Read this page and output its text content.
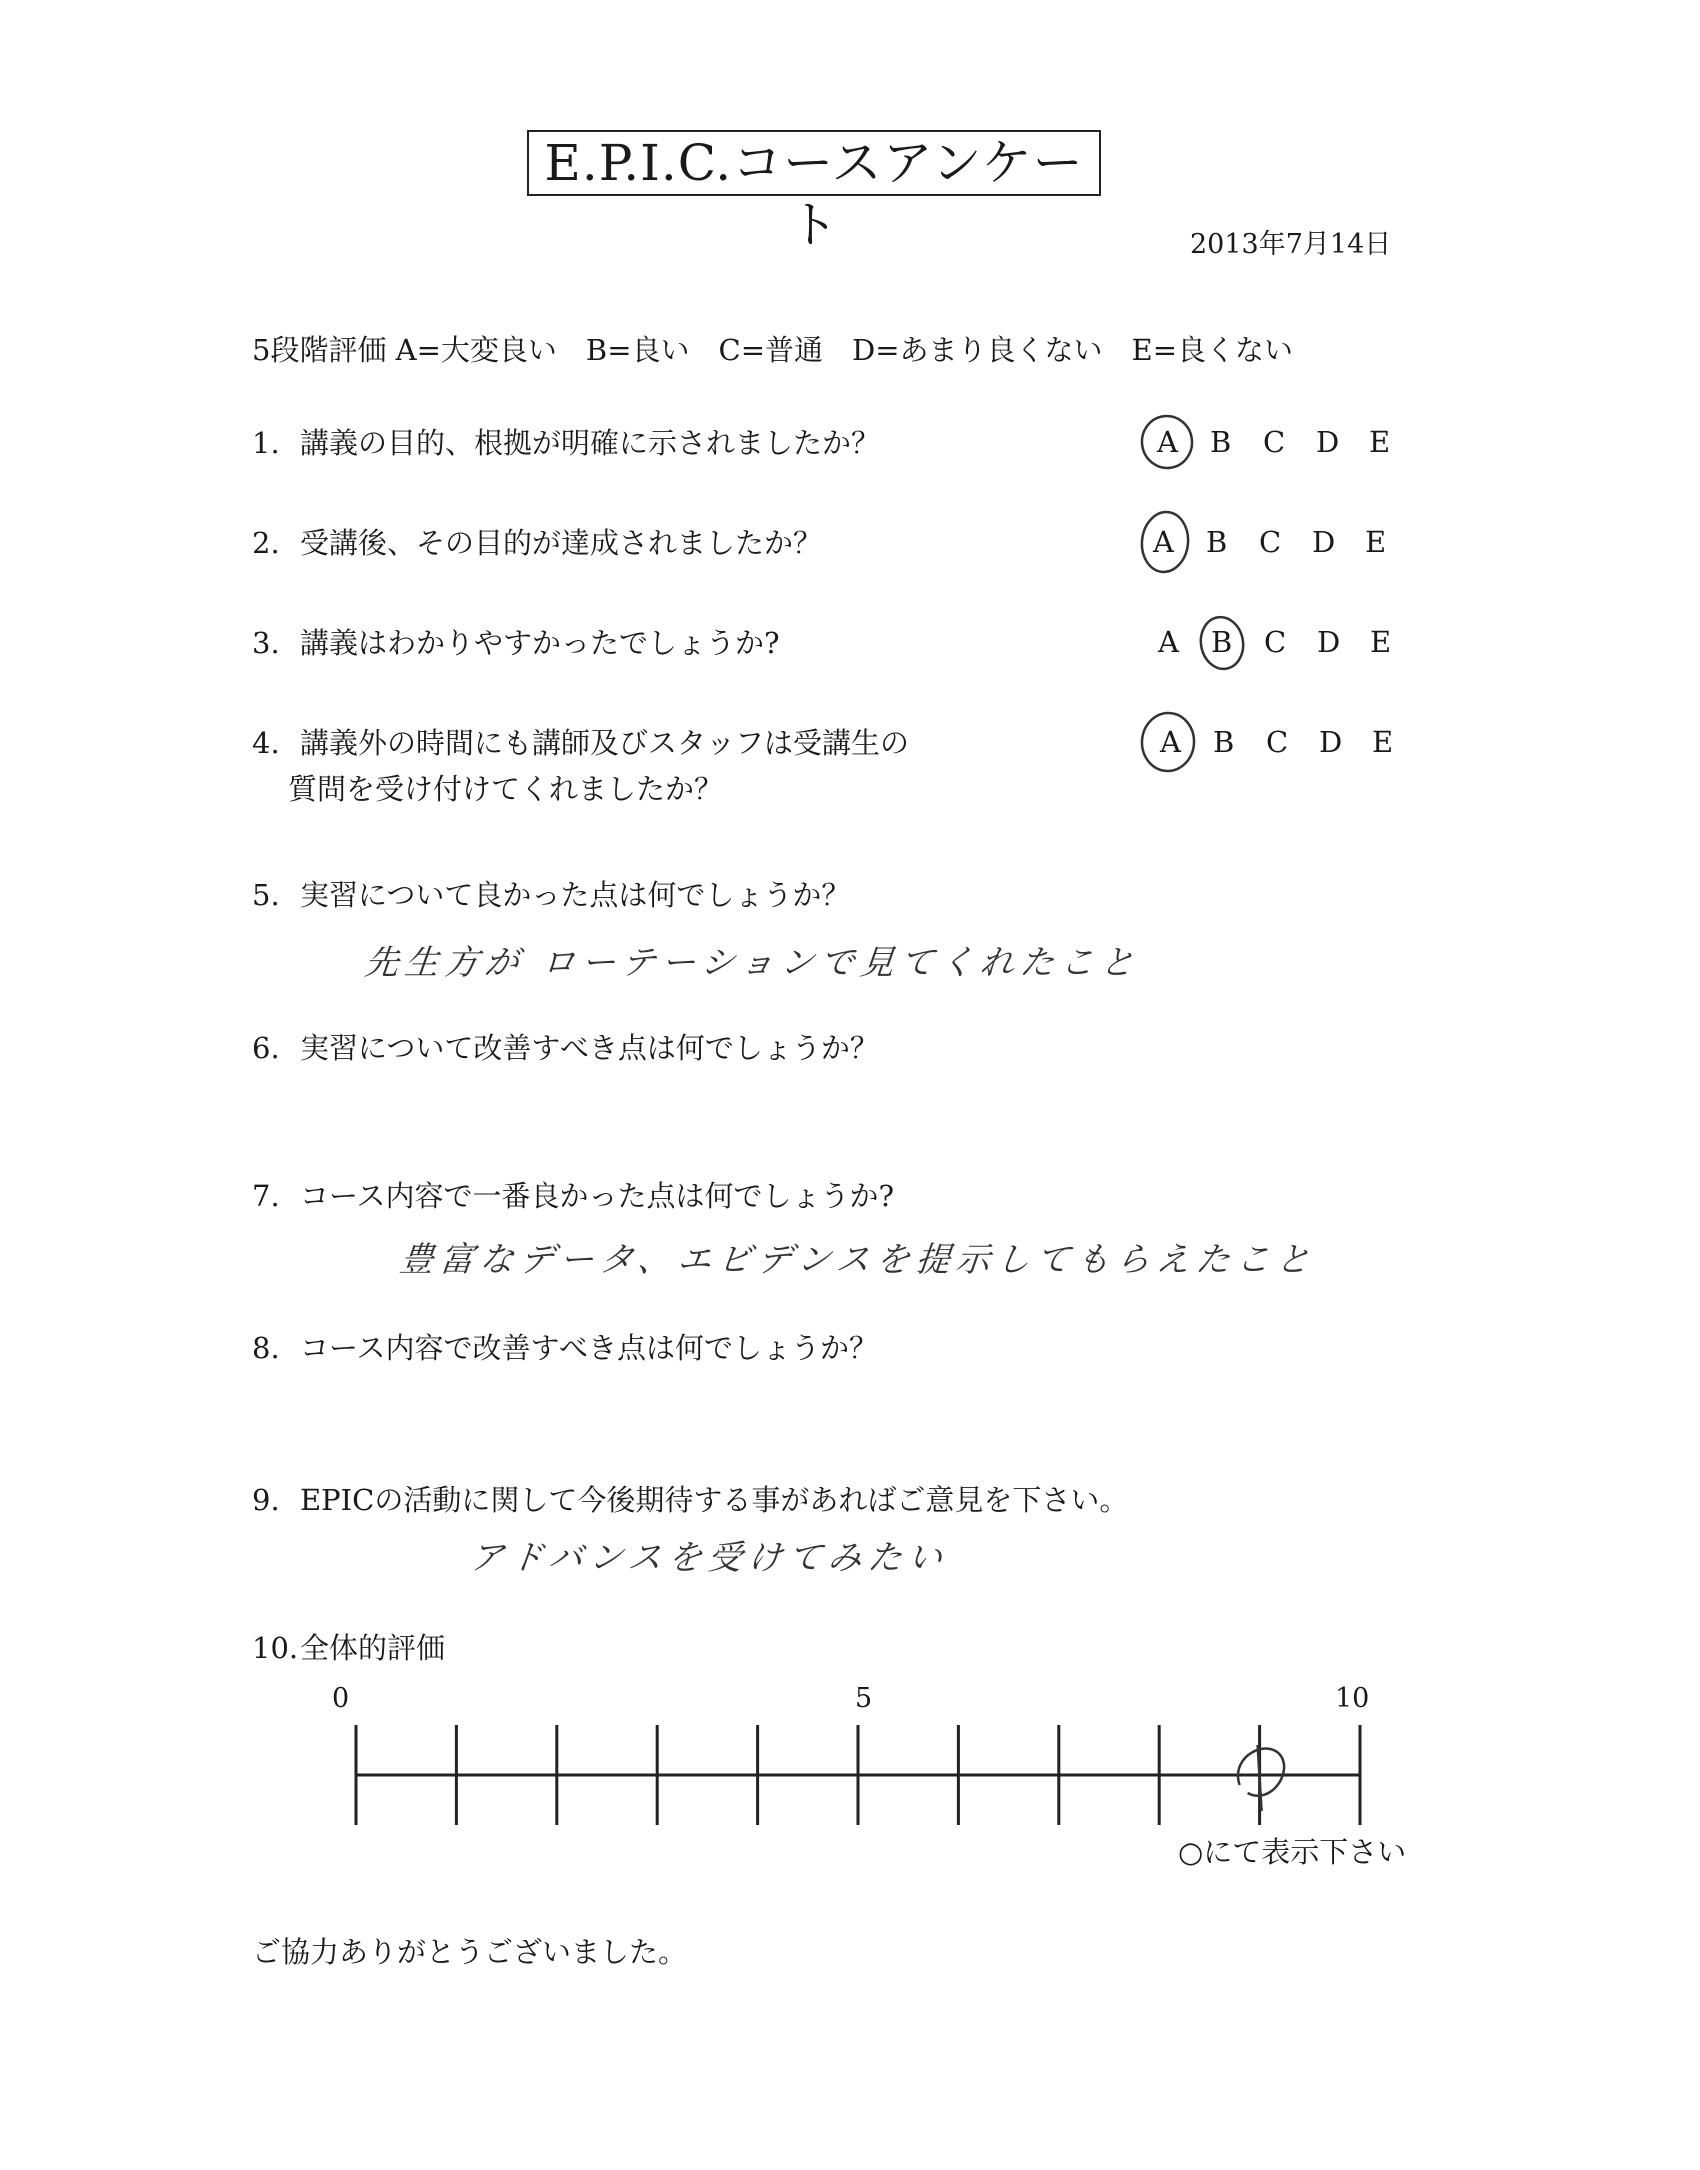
E.P.I.C.コースアンケート	2013年7月14日
5段階評価 A=大変良い　B=良い　C=普通　D=あまり良くない　E=良くない
1. 講義の目的、根拠が明確に示されましたか？	A B C D E
2. 受講後、その目的が達成されましたか？	A B C D E
3. 講義はわかりやすかったでしょうか?	A B C D E
4. 講義外の時間にも講師及びスタッフは受講生の
質問を受け付けてくれましたか？
A B C D E
5. 実習について良かった点は何でしょうか？
先生方が ローテーションで見てくれたこと
6. 実習について改善すべき点は何でしょうか？
7. コース内容で一番良かった点は何でしょうか?
豊富なデータ、エビデンスを提示してもらえたこと
8. コース内容で改善すべき点は何でしょうか？
9. EPICの活動に関して今後期待する事があればご意見を下さい。
アドバンスを受けてみたい
10.全体的評価
0	5	10
○にて表示下さい
ご協力ありがとうございました。
